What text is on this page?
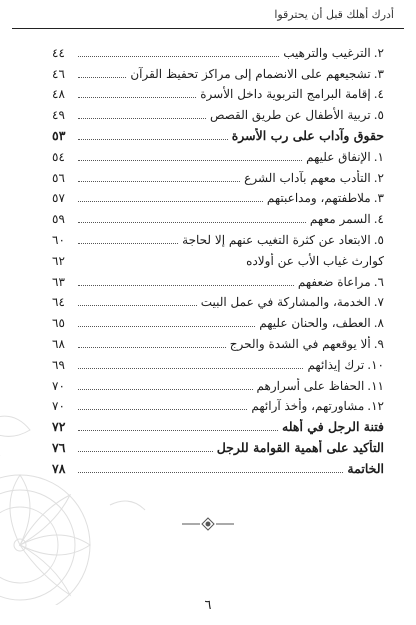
أدرك أهلك قبل أن يحترقوا
٢.
الترغيب والترهيب
٤٤
٣.
تشجيعهم على الانضمام إلى مراكز تحفيظ القرآن
٤٦
٤.
إقامة البرامج التربوية داخل الأسرة
٤٨
٥.
تربية الأطفال عن طريق القصص
٤٩
حقوق وآداب على رب الأسرة
٥٣
١.
الإنفاق عليهم
٥٤
٢.
التأدب معهم بآداب الشرع
٥٦
٣.
ملاطفتهم، ومداعبتهم
٥٧
٤.
السمر معهم
٥٩
٥.
الابتعاد عن كثرة التغيب عنهم إلا لحاجة
٦٠
كوارث غياب الأب عن أولاده
٦٢
٦.
مراعاة ضعفهم
٦٣
٧.
الخدمة، والمشاركة في عمل البيت
٦٤
٨.
العطف، والحنان عليهم
٦٥
٩.
ألا يوقعهم في الشدة والحرج
٦٨
١٠.
ترك إيذائهم
٦٩
١١.
الحفاظ على أسرارهم
٧٠
١٢.
مشاورتهم، وأخذ آرائهم
٧٠
فتنة الرجل في أهله
٧٢
التأكيد على أهمية القوامة للرجل
٧٦
الخاتمة
٧٨
٦
